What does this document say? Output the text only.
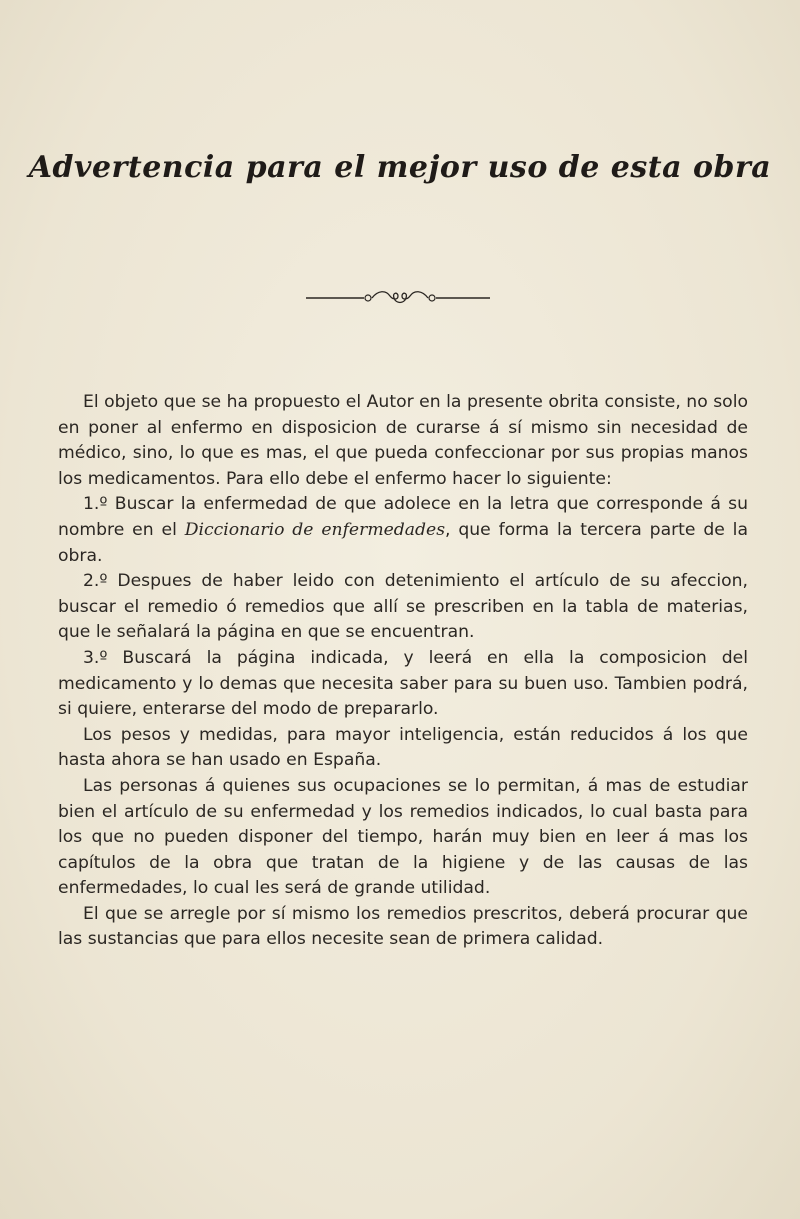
Advertencia para el mejor uso de esta obra

El objeto que se ha propuesto el Autor en la presente obrita consiste, no solo en poner al enfermo en disposicion de curarse á sí mismo sin necesidad de médico, sino, lo que es mas, el que pueda confeccionar por sus propias manos los medicamentos. Para ello debe el enfermo hacer lo siguiente:

1.º Buscar la enfermedad de que adolece en la letra que corresponde á su nombre en el Diccionario de enfermedades, que forma la tercera parte de la obra.

2.º Despues de haber leido con detenimiento el artículo de su afeccion, buscar el remedio ó remedios que allí se prescriben en la tabla de materias, que le señalará la página en que se encuentran.

3.º Buscará la página indicada, y leerá en ella la composicion del medicamento y lo demas que necesita saber para su buen uso. Tambien podrá, si quiere, enterarse del modo de prepararlo.

Los pesos y medidas, para mayor inteligencia, están reducidos á los que hasta ahora se han usado en España.

Las personas á quienes sus ocupaciones se lo permitan, á mas de estudiar bien el artículo de su enfermedad y los remedios indicados, lo cual basta para los que no pueden disponer del tiempo, harán muy bien en leer á mas los capítulos de la obra que tratan de la higiene y de las causas de las enfermedades, lo cual les será de grande utilidad.

El que se arregle por sí mismo los remedios prescritos, deberá procurar que las sustancias que para ellos necesite sean de primera calidad.
